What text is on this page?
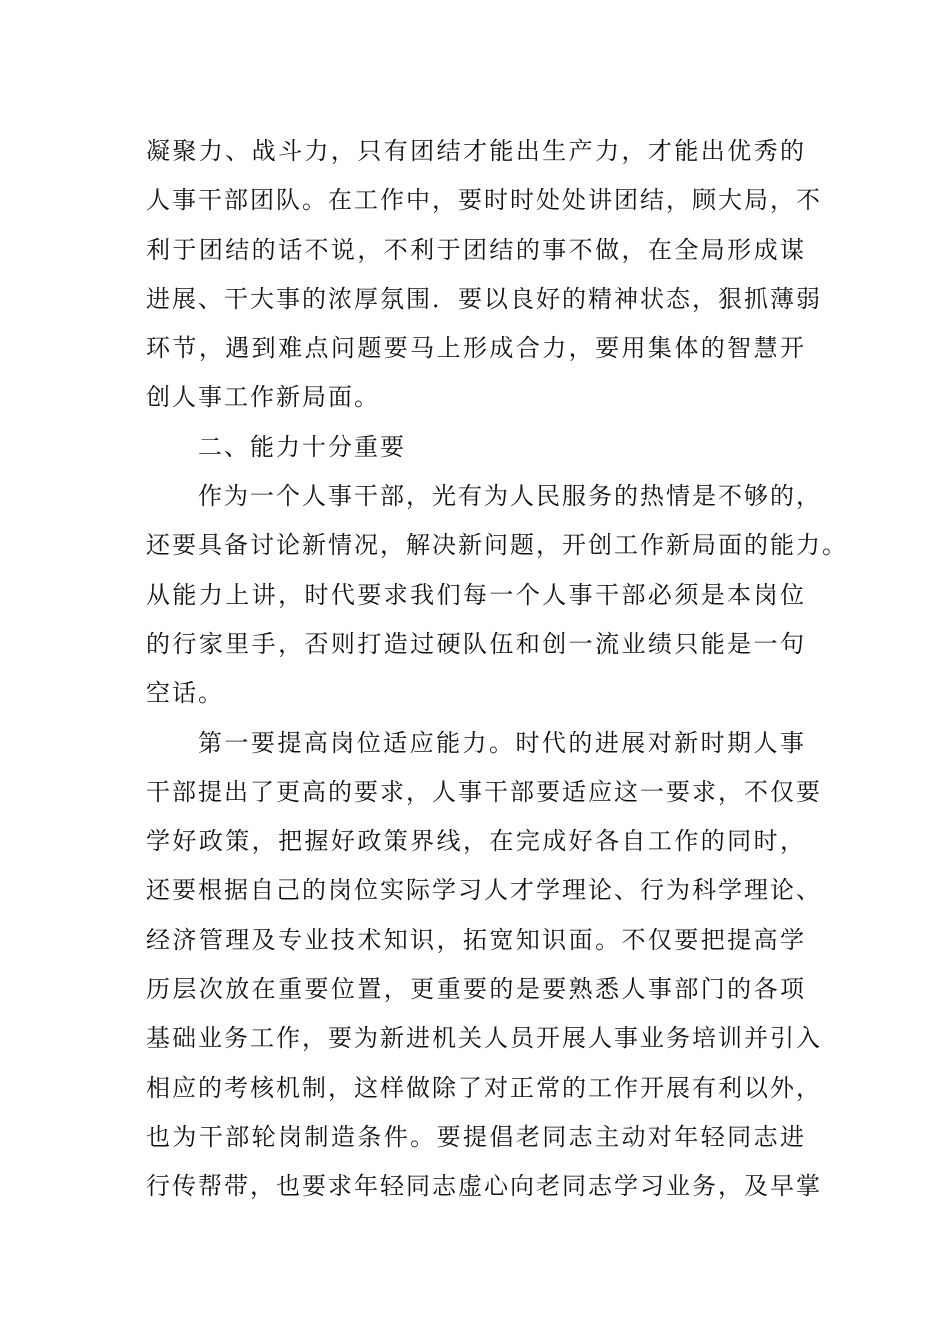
凝聚力、战斗力，只有团结才能出生产力，才能出优秀的
人事干部团队。在工作中，要时时处处讲团结，顾大局，不
利于团结的话不说，不利于团结的事不做，在全局形成谋
进展、干大事的浓厚氛围．要以良好的精神状态，狠抓薄弱
环节，遇到难点问题要马上形成合力，要用集体的智慧开
创人事工作新局面。
二、能力十分重要
作为一个人事干部，光有为人民服务的热情是不够的，
还要具备讨论新情况，解决新问题，开创工作新局面的能力。
从能力上讲，时代要求我们每一个人事干部必须是本岗位
的行家里手，否则打造过硬队伍和创一流业绩只能是一句
空话。
第一要提高岗位适应能力。时代的进展对新时期人事
干部提出了更高的要求，人事干部要适应这一要求，不仅要
学好政策，把握好政策界线，在完成好各自工作的同时，
还要根据自己的岗位实际学习人才学理论、行为科学理论、
经济管理及专业技术知识，拓宽知识面。不仅要把提高学
历层次放在重要位置，更重要的是要熟悉人事部门的各项
基础业务工作，要为新进机关人员开展人事业务培训并引入
相应的考核机制，这样做除了对正常的工作开展有利以外，
也为干部轮岗制造条件。要提倡老同志主动对年轻同志进
行传帮带，也要求年轻同志虚心向老同志学习业务，及早掌
